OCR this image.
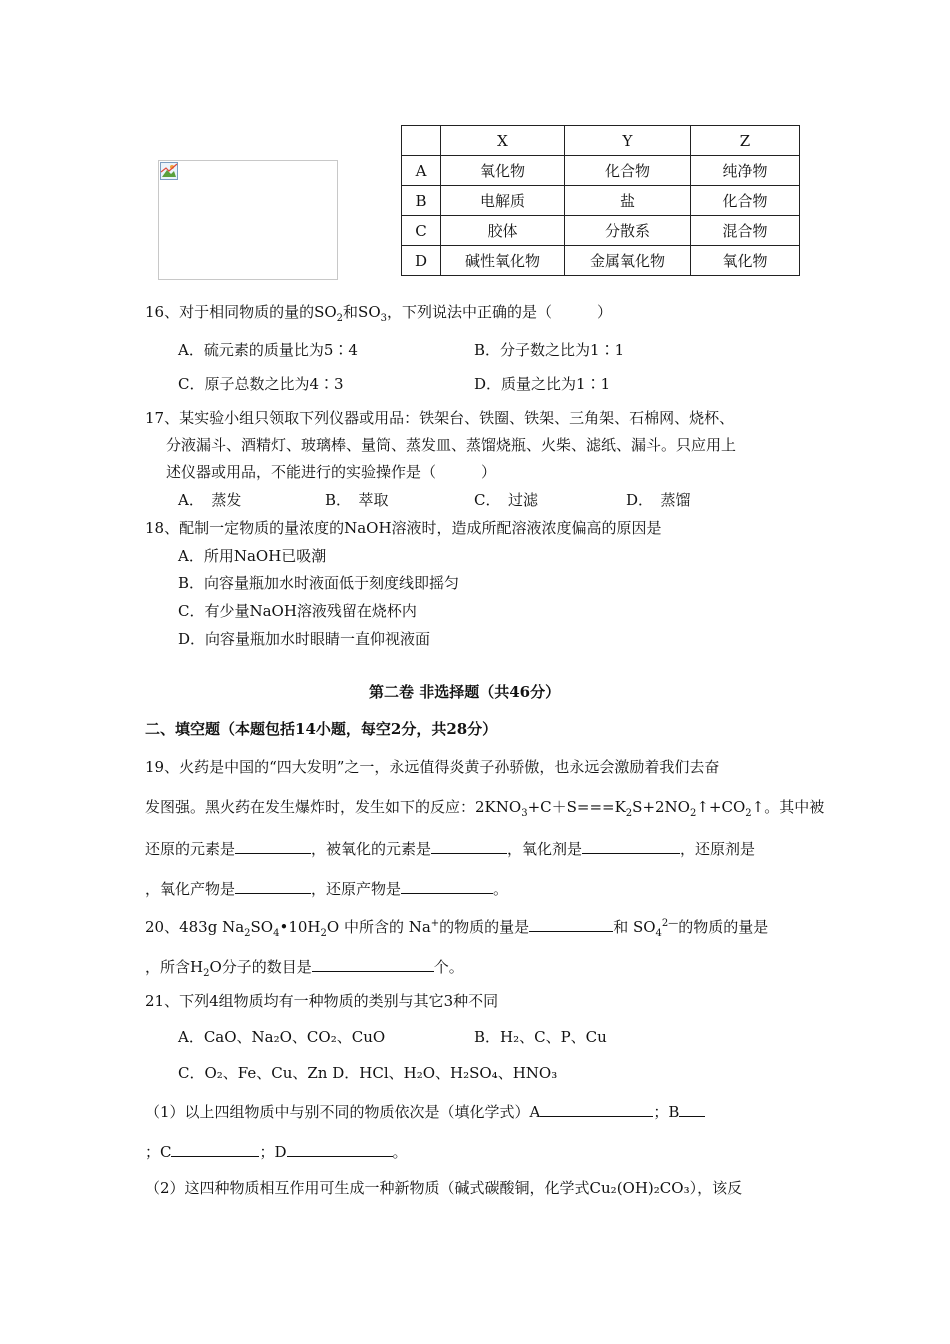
	X	Y	Z
A	氧化物	化合物	纯净物
B	电解质	盐	化合物
C	胶体	分散系	混合物
D	碱性氧化物	金属氧化物	氧化物
16、对于相同物质的量的$SO_2$和$SO_3$，下列说法中正确的是（　　　）
A．硫元素的质量比为5∶4	B．分子数之比为1∶1
C．原子总数之比为4∶3	D．质量之比为1∶1
17、某实验小组只领取下列仪器或用品：铁架台、铁圈、铁架、三角架、石棉网、烧杯、
分液漏斗、酒精灯、玻璃棒、量筒、蒸发皿、蒸馏烧瓶、火柴、滤纸、漏斗。只应用上
述仪器或用品，不能进行的实验操作是（　　　）
A．　蒸发	B．　萃取	C．　过滤	D．　蒸馏
18、配制一定物质的量浓度的NaOH溶液时，造成所配溶液浓度偏高的原因是
A．所用NaOH已吸潮
B．向容量瓶加水时液面低于刻度线即摇匀
C．有少量NaOH溶液残留在烧杯内
D．向容量瓶加水时眼睛一直仰视液面
第二卷 非选择题（共46分）
二、填空题（本题包括14小题，每空2分，共28分）
19、火药是中国的“四大发明”之一，永远值得炎黄子孙骄傲，也永远会激励着我们去奋
发图强。黑火药在发生爆炸时，发生如下的反应：$2KNO_3+C+S===K_2S+2NO_2↑+CO_2↑$。其中被
还原的元素是	，被氧化的元素是	，氧化剂是	，还原剂是
，氧化产物是	，还原产物是	。
20、483g $Na_2SO_4•10H_2O$ 中所含的 Na+的物质的量是	和 $SO_4^{2—}$的物质的量是
，所含$H_2O$分子的数目是	个。
21、下列4组物质均有一种物质的类别与其它3种不同
A．CaO、Na₂O、CO₂、CuO	B．H₂、C、P、Cu
C．O₂、Fe、Cu、Zn D．HCl、H₂O、H₂SO₄、HNO₃
（1）以上四组物质中与别不同的物质依次是（填化学式）A	；B
；C	；D	。
（2）这四种物质相互作用可生成一种新物质（碱式碳酸铜，化学式Cu₂(OH)₂CO₃），该反
